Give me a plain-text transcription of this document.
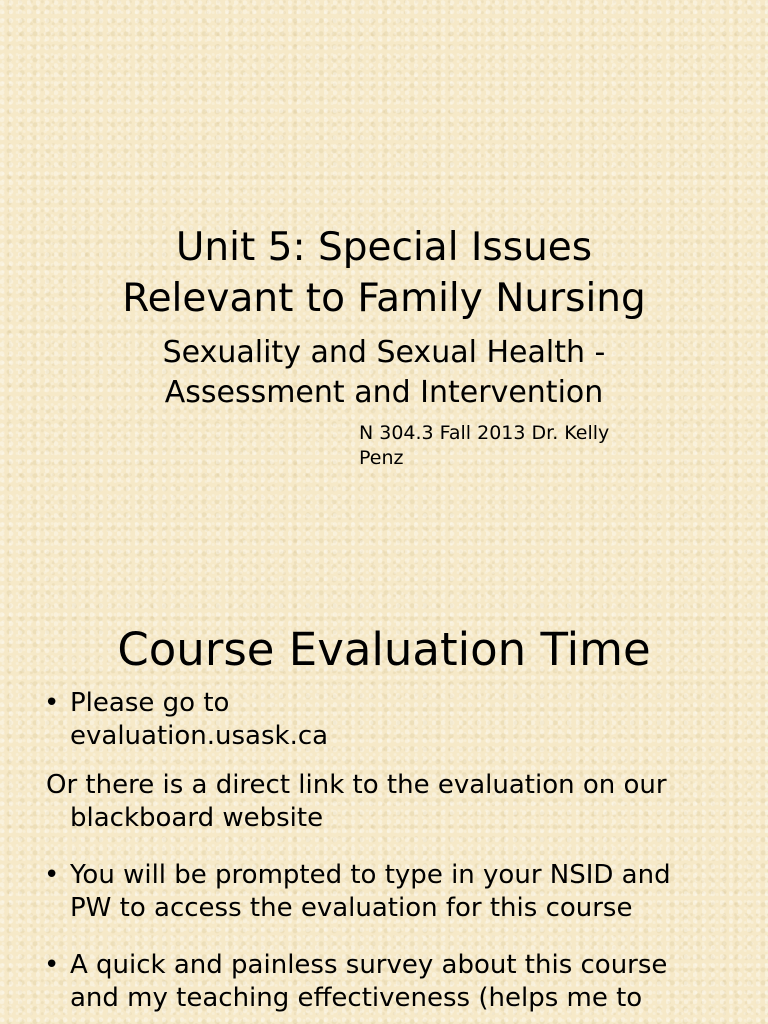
Unit 5: Special Issues
Relevant to Family Nursing
Sexuality and Sexual Health -
Assessment and Intervention
N 304.3 Fall 2013 Dr. Kelly
Penz
Course Evaluation Time
• Please go to
evaluation.usask.ca
Or there is a direct link to the evaluation on our
blackboard website
• You will be prompted to type in your NSID and
PW to access the evaluation for this course
• A quick and painless survey about this course
and my teaching effectiveness (helps me to
